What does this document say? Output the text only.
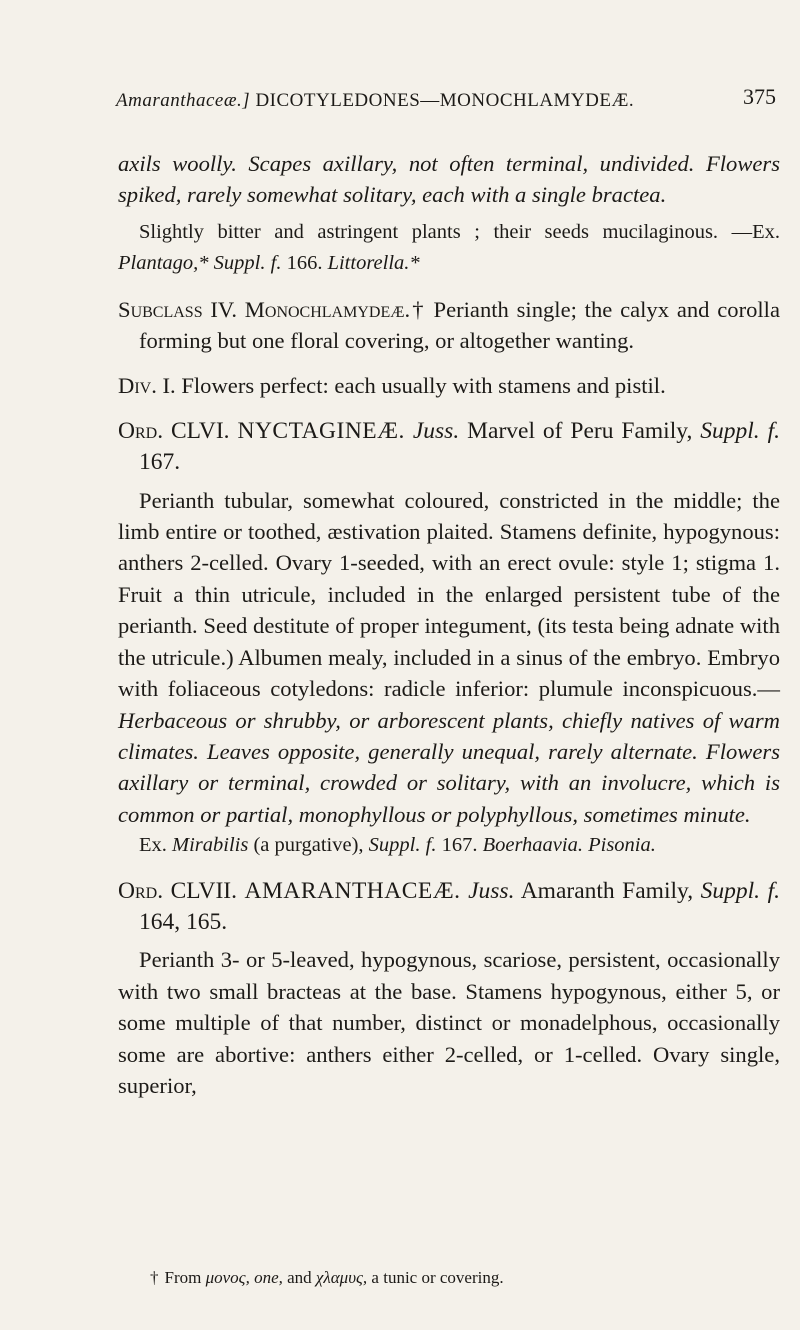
Amaranthaceæ.] DICOTYLEDONES—MONOCHLAMYDEÆ.	375

axils woolly. Scapes axillary, not often terminal, undivided. Flowers spiked, rarely somewhat solitary, each with a single bractea.

Slightly bitter and astringent plants ; their seeds mucilaginous. —Ex. Plantago,* Suppl. f. 166. Littorella.*

Subclass IV. Monochlamydeæ.† Perianth single; the calyx and corolla forming but one floral covering, or altogether wanting.

Div. I. Flowers perfect: each usually with stamens and pistil.

Ord. CLVI. NYCTAGINEÆ. Juss. Marvel of Peru Family, Suppl. f. 167.

Perianth tubular, somewhat coloured, constricted in the middle; the limb entire or toothed, æstivation plaited. Stamens definite, hypogynous: anthers 2-celled. Ovary 1-seeded, with an erect ovule: style 1; stigma 1. Fruit a thin utricule, included in the enlarged persistent tube of the perianth. Seed destitute of proper integument, (its testa being adnate with the utricule.) Albumen mealy, included in a sinus of the embryo. Embryo with foliaceous cotyledons: radicle inferior: plumule inconspicuous.—Herbaceous or shrubby, or arborescent plants, chiefly natives of warm climates. Leaves opposite, generally unequal, rarely alternate. Flowers axillary or terminal, crowded or solitary, with an involucre, which is common or partial, monophyllous or polyphyllous, sometimes minute.

Ex. Mirabilis (a purgative), Suppl. f. 167. Boerhaavia. Pisonia.

Ord. CLVII. AMARANTHACEÆ. Juss. Amaranth Family, Suppl. f. 164, 165.

Perianth 3- or 5-leaved, hypogynous, scariose, persistent, occasionally with two small bracteas at the base. Stamens hypogynous, either 5, or some multiple of that number, distinct or monadelphous, occasionally some are abortive: anthers either 2-celled, or 1-celled. Ovary single, superior,

† From μονος, one, and χλαμυς, a tunic or covering.
